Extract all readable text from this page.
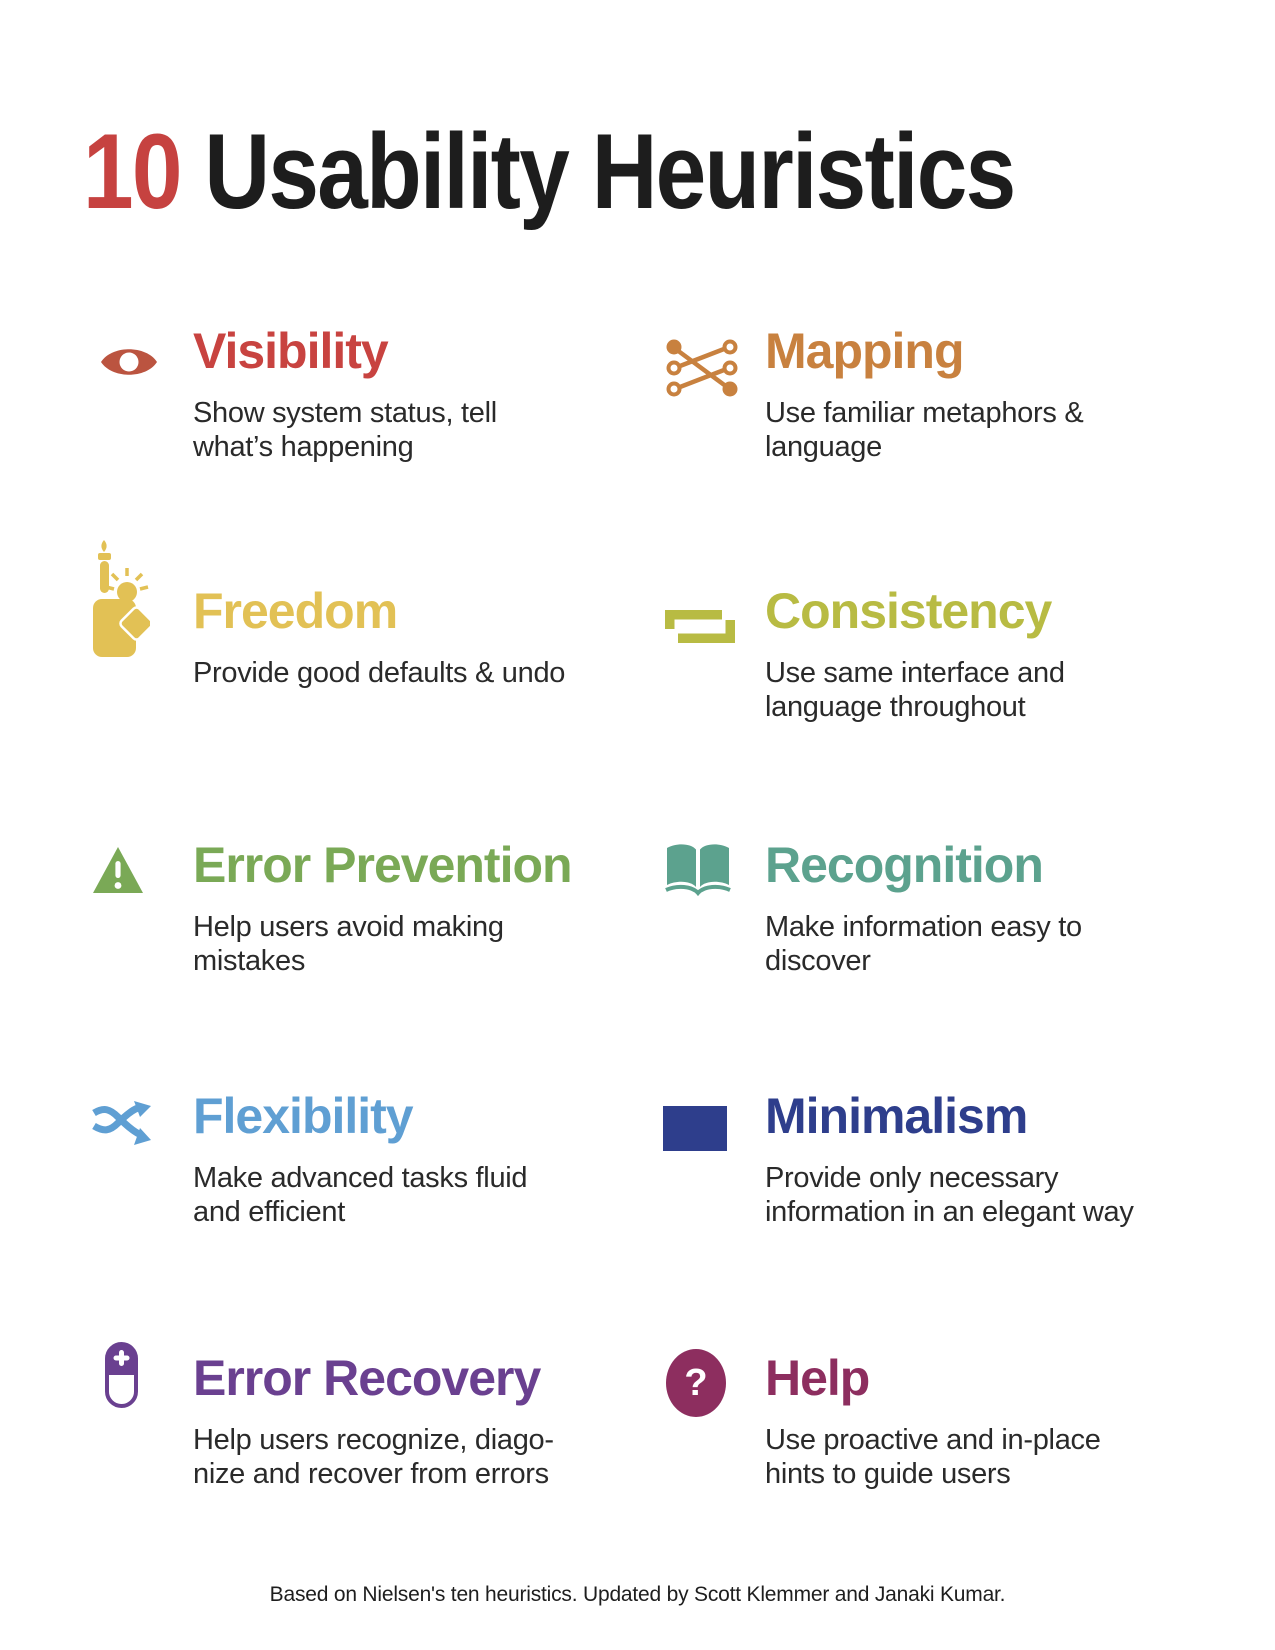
10 Usability Heuristics
Visibility

Show system status, tell
what’s happening

Mapping

Use familiar metaphors &
language

Freedom

Provide good defaults & undo

Consistency

Use same interface and
language throughout

Error Prevention

Help users avoid making
mistakes

Recognition

Make information easy to
discover

Flexibility

Make advanced tasks fluid
and efficient

Minimalism

Provide only necessary
information in an elegant way

Error Recovery

Help users recognize, diago-
nize and recover from errors

? Help

Use proactive and in-place
hints to guide users

Based on Nielsen's ten heuristics. Updated by Scott Klemmer and Janaki Kumar.
